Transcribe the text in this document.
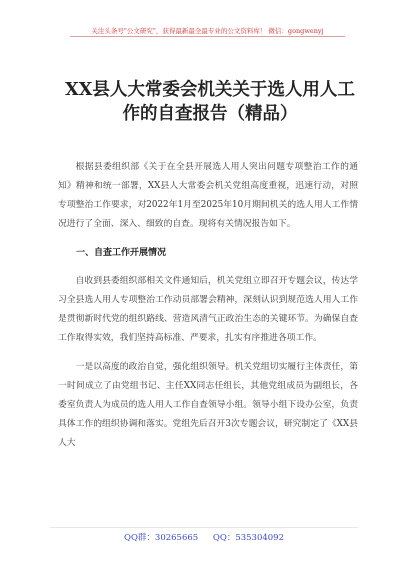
关注头条号"公文研究"，获得最新最全最专业的公文资料库！ 微信：gongwenyj
XX县人大常委会机关关于选人用人工作的自查报告（精品）

根据县委组织部《关于在全县开展选人用人突出问题专项整治工作的通知》精神和统一部署，XX县人大常委会机关党组高度重视，迅速行动，对照专项整治工作要求，对2022年1月至2025年10月期间机关的选人用人工作情况进行了全面、深入、细致的自查。现将有关情况报告如下。

一、自查工作开展情况

自收到县委组织部相关文件通知后，机关党组立即召开专题会议，传达学习全县选人用人专项整治工作动员部署会精神，深刻认识到规范选人用人工作是贯彻新时代党的组织路线、营造风清气正政治生态的关键环节。为确保自查工作取得实效，我们坚持高标准、严要求，扎实有序推进各项工作。

一是以高度的政治自觉，强化组织领导。机关党组切实履行主体责任，第一时间成立了由党组书记、主任XX同志任组长，其他党组成员为副组长，各委室负责人为成员的选人用人工作自查领导小组。领导小组下设办公室，负责具体工作的组织协调和落实。党组先后召开3次专题会议，研究制定了《XX县人大

QQ群：30265665 QQ：535304092
